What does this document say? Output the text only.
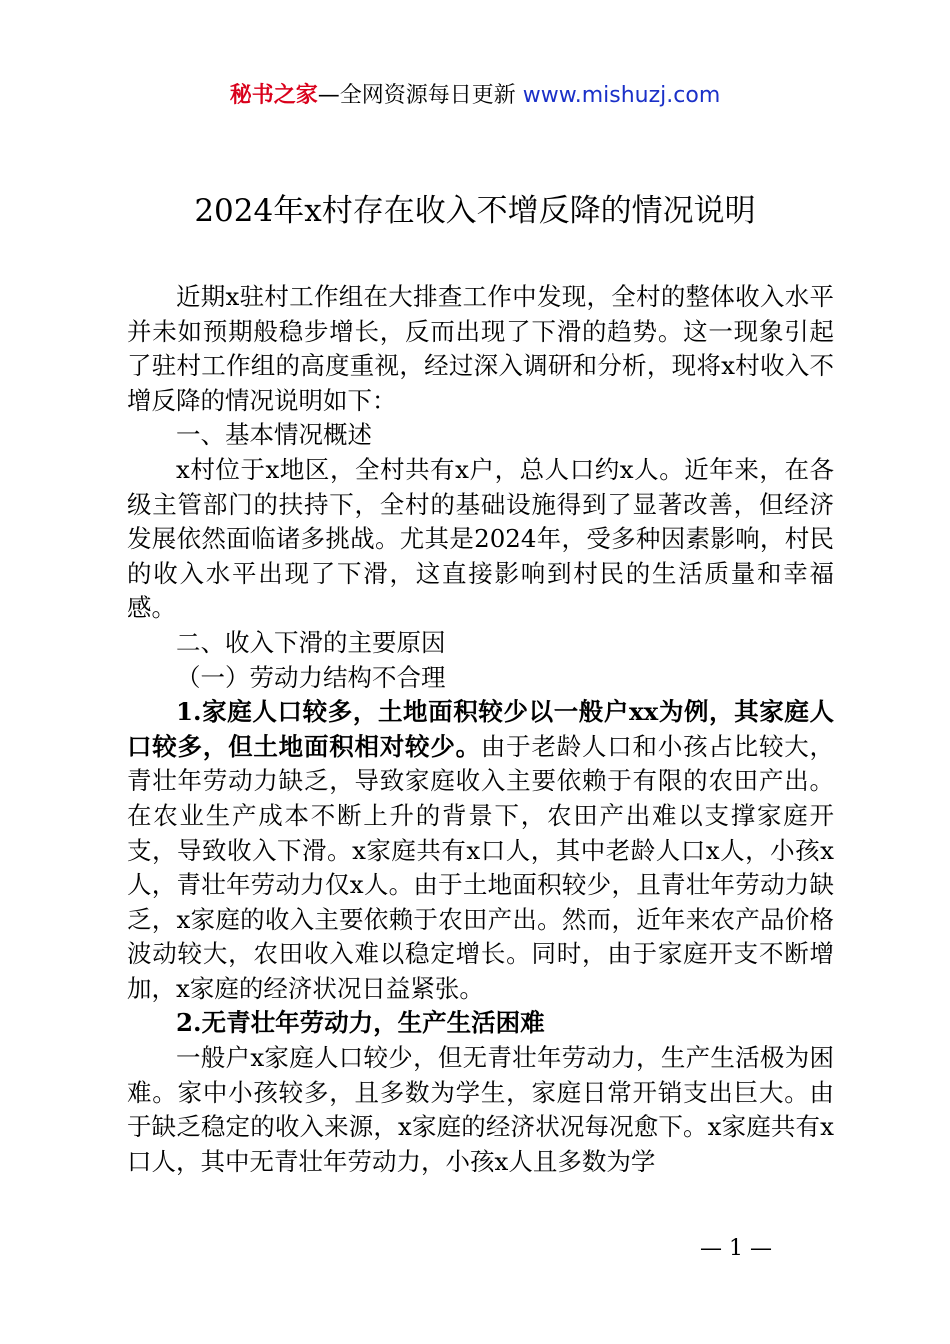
秘书之家—全网资源每日更新 www.mishuzj.com
2024年x村存在收入不增反降的情况说明

近期x驻村工作组在大排查工作中发现，全村的整体收入水平并未如预期般稳步增长，反而出现了下滑的趋势。这一现象引起了驻村工作组的高度重视，经过深入调研和分析，现将x村收入不增反降的情况说明如下：

一、基本情况概述

x村位于x地区，全村共有x户，总人口约x人。近年来，在各级主管部门的扶持下，全村的基础设施得到了显著改善，但经济发展依然面临诸多挑战。尤其是2024年，受多种因素影响，村民的收入水平出现了下滑，这直接影响到村民的生活质量和幸福感。

二、收入下滑的主要原因

（一）劳动力结构不合理

1.家庭人口较多，土地面积较少以一般户xx为例，其家庭人口较多，但土地面积相对较少。由于老龄人口和小孩占比较大，青壮年劳动力缺乏，导致家庭收入主要依赖于有限的农田产出。在农业生产成本不断上升的背景下，农田产出难以支撑家庭开支，导致收入下滑。x家庭共有x口人，其中老龄人口x人，小孩x人，青壮年劳动力仅x人。由于土地面积较少，且青壮年劳动力缺乏，x家庭的收入主要依赖于农田产出。然而，近年来农产品价格波动较大，农田收入难以稳定增长。同时，由于家庭开支不断增加，x家庭的经济状况日益紧张。

2.无青壮年劳动力，生产生活困难

一般户x家庭人口较少，但无青壮年劳动力，生产生活极为困难。家中小孩较多，且多数为学生，家庭日常开销支出巨大。由于缺乏稳定的收入来源，x家庭的经济状况每况愈下。x家庭共有x口人，其中无青壮年劳动力，小孩x人且多数为学

— 1 —
